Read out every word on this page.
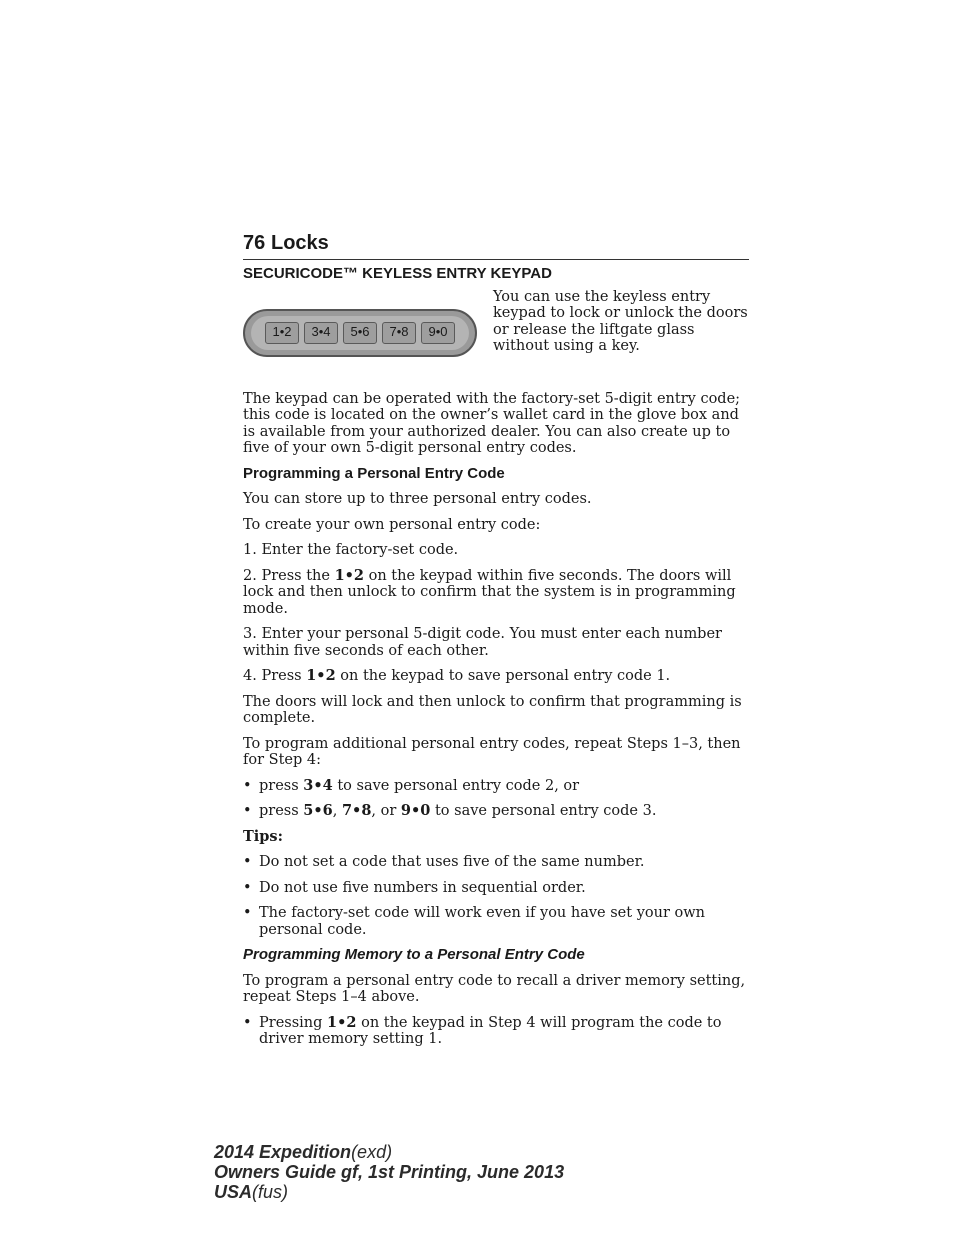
76 Locks

SECURICODE™ KEYLESS ENTRY KEYPAD

1•2	3•4	5•6	7•8	9•0

You can use the keyless entry keypad to lock or unlock the doors or release the liftgate glass without using a key.

The keypad can be operated with the factory-set 5-digit entry code; this code is located on the owner’s wallet card in the glove box and is available from your authorized dealer. You can also create up to five of your own 5-digit personal entry codes.

Programming a Personal Entry Code

You can store up to three personal entry codes.

To create your own personal entry code:

1. Enter the factory-set code.

2. Press the 1•2 on the keypad within five seconds. The doors will lock and then unlock to confirm that the system is in programming mode.

3. Enter your personal 5-digit code. You must enter each number within five seconds of each other.

4. Press 1•2 on the keypad to save personal entry code 1.

The doors will lock and then unlock to confirm that programming is complete.

To program additional personal entry codes, repeat Steps 1–3, then for Step 4:

• press 3•4 to save personal entry code 2, or

• press 5•6, 7•8, or 9•0 to save personal entry code 3.

Tips:

• Do not set a code that uses five of the same number.

• Do not use five numbers in sequential order.

• The factory-set code will work even if you have set your own personal code.

Programming Memory to a Personal Entry Code

To program a personal entry code to recall a driver memory setting, repeat Steps 1–4 above.

• Pressing 1•2 on the keypad in Step 4 will program the code to driver memory setting 1.

2014 Expedition(exd)
Owners Guide gf, 1st Printing, June 2013
USA(fus)
